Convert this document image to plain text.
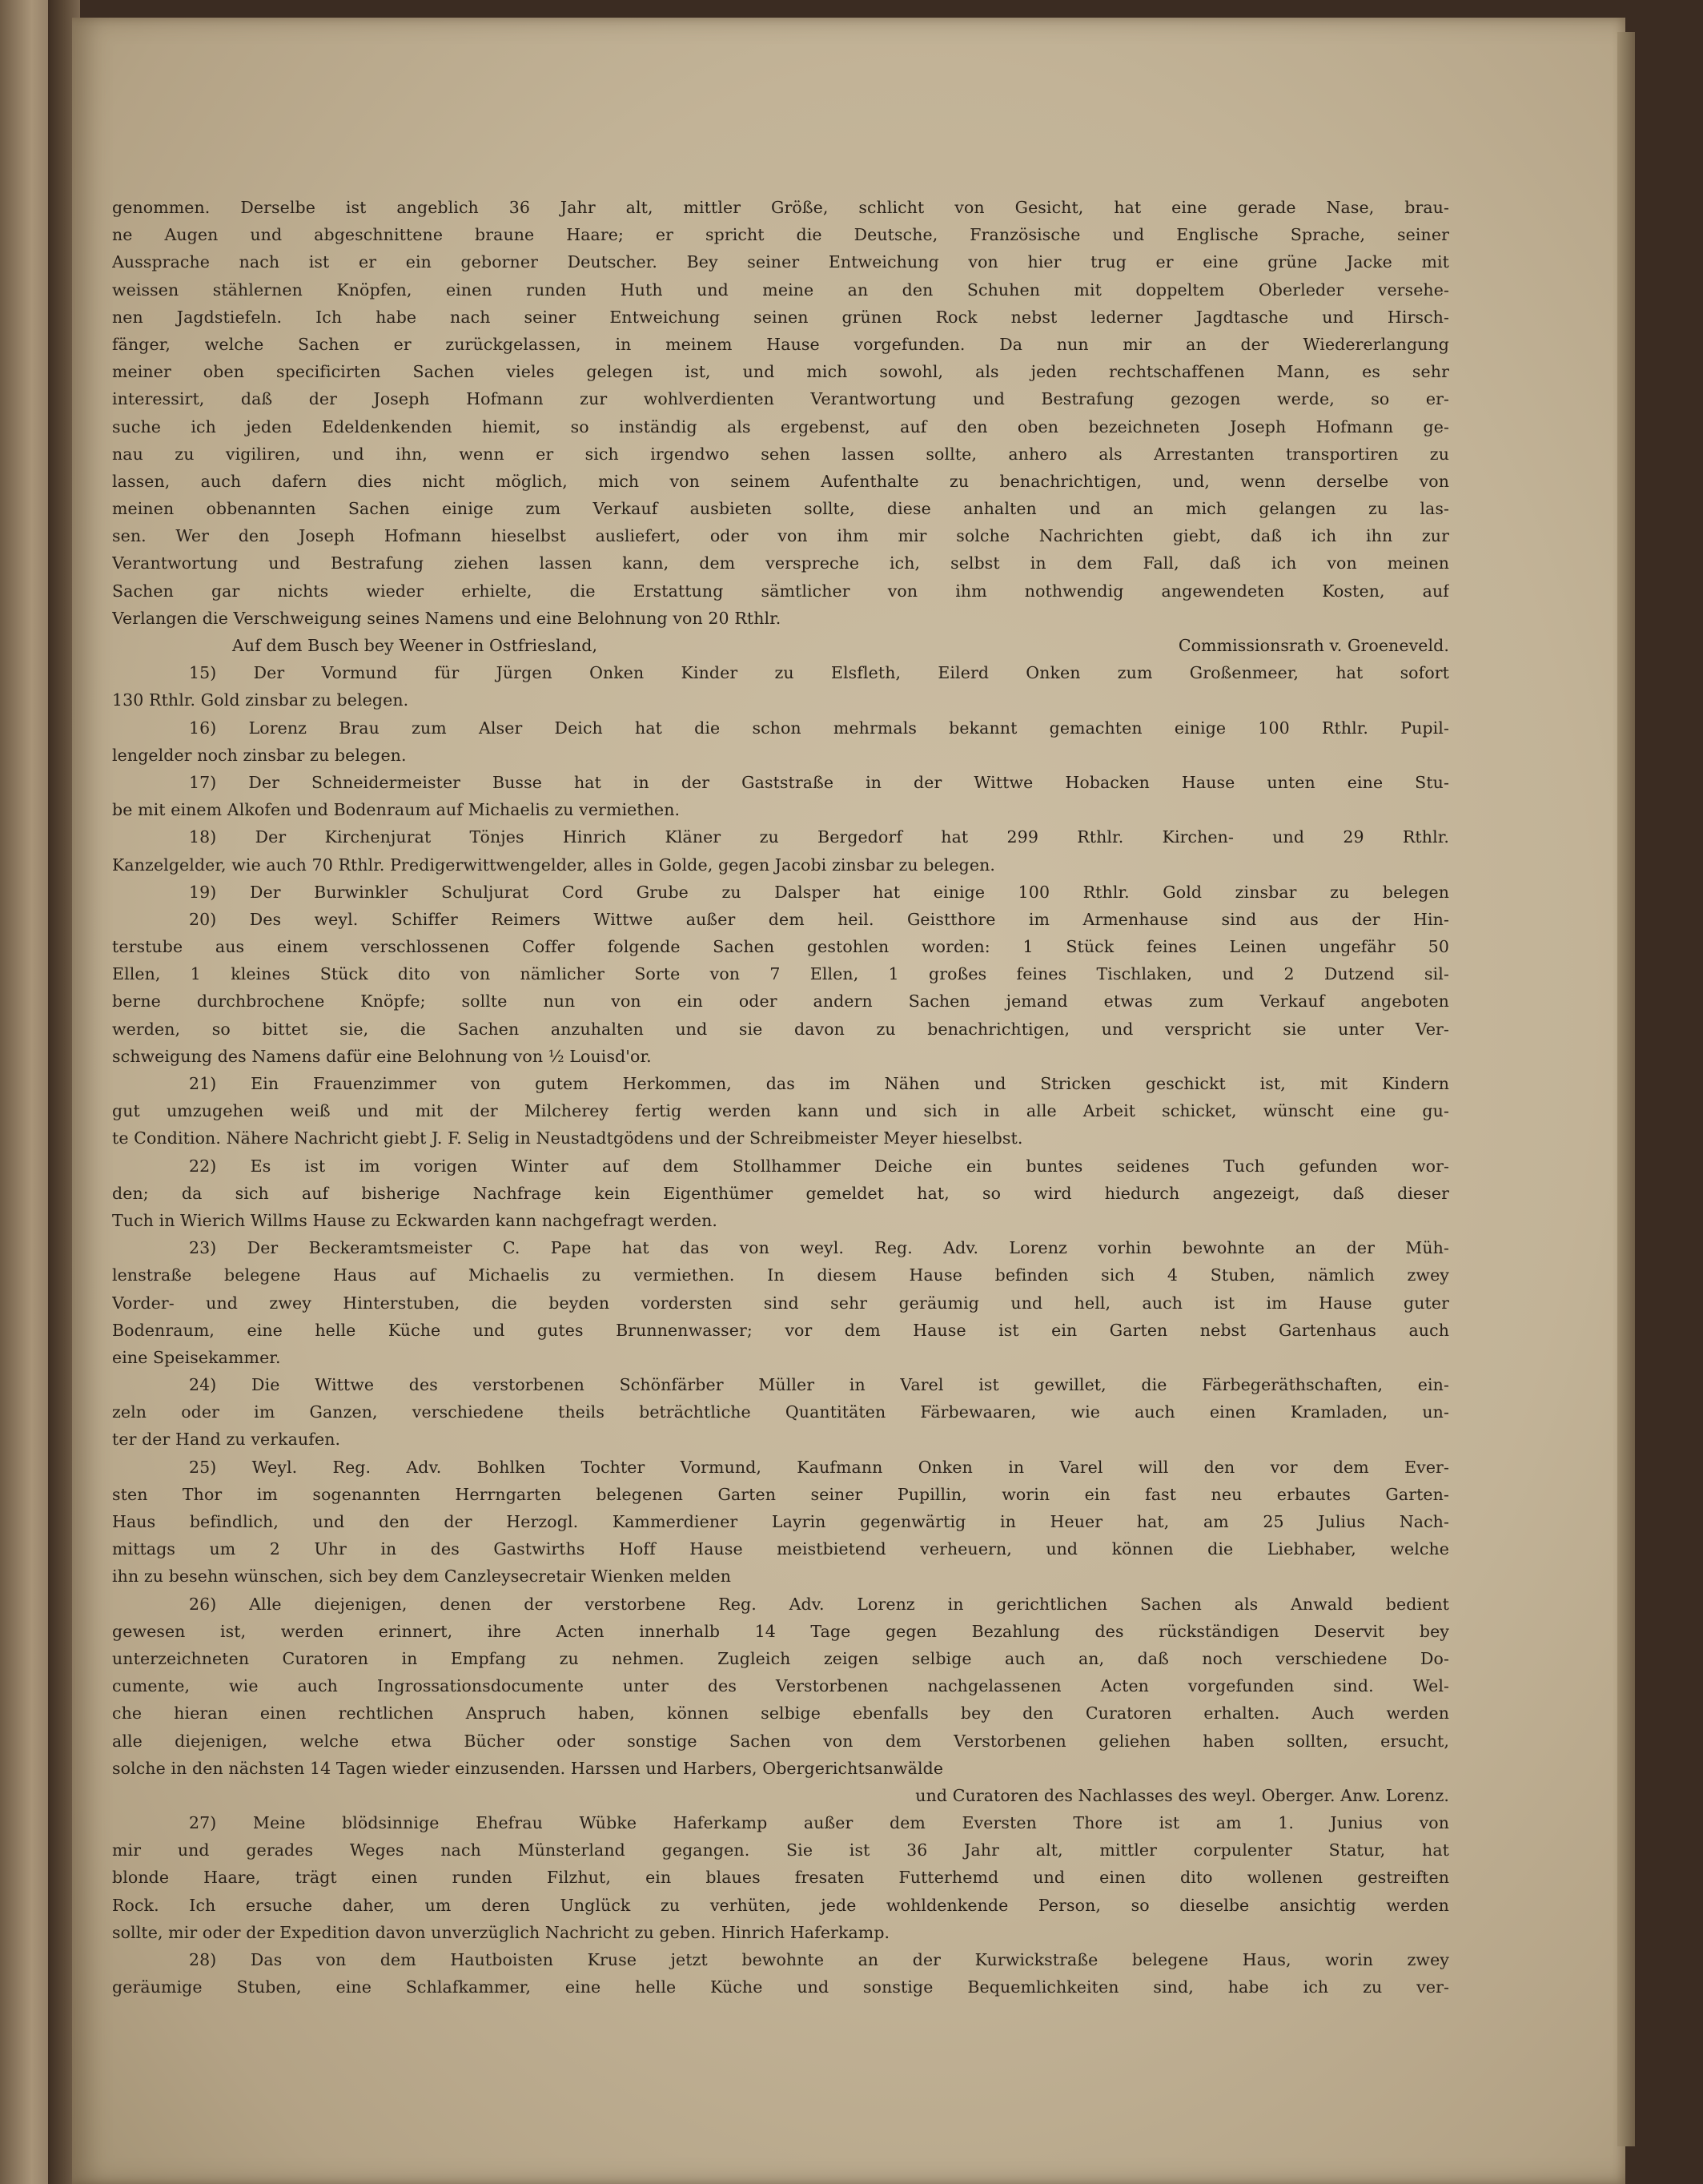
genommen. Derselbe ist angeblich 36 Jahr alt, mittler Größe, schlicht von Gesicht, hat eine gerade Nase, brau-
ne Augen und abgeschnittene braune Haare; er spricht die Deutsche, Französische und Englische Sprache, seiner
Aussprache nach ist er ein geborner Deutscher. Bey seiner Entweichung von hier trug er eine grüne Jacke mit
weissen stählernen Knöpfen, einen runden Huth und meine an den Schuhen mit doppeltem Oberleder versehe-
nen Jagdstiefeln. Ich habe nach seiner Entweichung seinen grünen Rock nebst lederner Jagdtasche und Hirsch-
fänger, welche Sachen er zurückgelassen, in meinem Hause vorgefunden. Da nun mir an der Wiedererlangung
meiner oben specificirten Sachen vieles gelegen ist, und mich sowohl, als jeden rechtschaffenen Mann, es sehr
interessirt, daß der Joseph Hofmann zur wohlverdienten Verantwortung und Bestrafung gezogen werde, so er-
suche ich jeden Edeldenkenden hiemit, so inständig als ergebenst, auf den oben bezeichneten Joseph Hofmann ge-
nau zu vigiliren, und ihn, wenn er sich irgendwo sehen lassen sollte, anhero als Arrestanten transportiren zu
lassen, auch dafern dies nicht möglich, mich von seinem Aufenthalte zu benachrichtigen, und, wenn derselbe von
meinen obbenannten Sachen einige zum Verkauf ausbieten sollte, diese anhalten und an mich gelangen zu las-
sen. Wer den Joseph Hofmann hieselbst ausliefert, oder von ihm mir solche Nachrichten giebt, daß ich ihn zur
Verantwortung und Bestrafung ziehen lassen kann, dem verspreche ich, selbst in dem Fall, daß ich von meinen
Sachen gar nichts wieder erhielte, die Erstattung sämtlicher von ihm nothwendig angewendeten Kosten, auf
Verlangen die Verschweigung seines Namens und eine Belohnung von 20 Rthlr.
Auf dem Busch bey Weener in Ostfriesland,	Commissionsrath v. Groeneveld.
15) Der Vormund für Jürgen Onken Kinder zu Elsfleth, Eilerd Onken zum Großenmeer, hat sofort
130 Rthlr. Gold zinsbar zu belegen.
16) Lorenz Brau zum Alser Deich hat die schon mehrmals bekannt gemachten einige 100 Rthlr. Pupil-
lengelder noch zinsbar zu belegen.
17) Der Schneidermeister Busse hat in der Gaststraße in der Wittwe Hobacken Hause unten eine Stu-
be mit einem Alkofen und Bodenraum auf Michaelis zu vermiethen.
18) Der Kirchenjurat Tönjes Hinrich Kläner zu Bergedorf hat 299 Rthlr. Kirchen- und 29 Rthlr.
Kanzelgelder, wie auch 70 Rthlr. Predigerwittwengelder, alles in Golde, gegen Jacobi zinsbar zu belegen.
19) Der Burwinkler Schuljurat Cord Grube zu Dalsper hat einige 100 Rthlr. Gold zinsbar zu belegen
20) Des weyl. Schiffer Reimers Wittwe außer dem heil. Geistthore im Armenhause sind aus der Hin-
terstube aus einem verschlossenen Coffer folgende Sachen gestohlen worden: 1 Stück feines Leinen ungefähr 50
Ellen, 1 kleines Stück dito von nämlicher Sorte von 7 Ellen, 1 großes feines Tischlaken, und 2 Dutzend sil-
berne durchbrochene Knöpfe; sollte nun von ein oder andern Sachen jemand etwas zum Verkauf angeboten
werden, so bittet sie, die Sachen anzuhalten und sie davon zu benachrichtigen, und verspricht sie unter Ver-
schweigung des Namens dafür eine Belohnung von ½ Louisd'or.
21) Ein Frauenzimmer von gutem Herkommen, das im Nähen und Stricken geschickt ist, mit Kindern
gut umzugehen weiß und mit der Milcherey fertig werden kann und sich in alle Arbeit schicket, wünscht eine gu-
te Condition. Nähere Nachricht giebt J. F. Selig in Neustadtgödens und der Schreibmeister Meyer hieselbst.
22) Es ist im vorigen Winter auf dem Stollhammer Deiche ein buntes seidenes Tuch gefunden wor-
den; da sich auf bisherige Nachfrage kein Eigenthümer gemeldet hat, so wird hiedurch angezeigt, daß dieser
Tuch in Wierich Willms Hause zu Eckwarden kann nachgefragt werden.
23) Der Beckeramtsmeister C. Pape hat das von weyl. Reg. Adv. Lorenz vorhin bewohnte an der Müh-
lenstraße belegene Haus auf Michaelis zu vermiethen. In diesem Hause befinden sich 4 Stuben, nämlich zwey
Vorder- und zwey Hinterstuben, die beyden vordersten sind sehr geräumig und hell, auch ist im Hause guter
Bodenraum, eine helle Küche und gutes Brunnenwasser; vor dem Hause ist ein Garten nebst Gartenhaus auch
eine Speisekammer.
24) Die Wittwe des verstorbenen Schönfärber Müller in Varel ist gewillet, die Färbegeräthschaften, ein-
zeln oder im Ganzen, verschiedene theils beträchtliche Quantitäten Färbewaaren, wie auch einen Kramladen, un-
ter der Hand zu verkaufen.
25) Weyl. Reg. Adv. Bohlken Tochter Vormund, Kaufmann Onken in Varel will den vor dem Ever-
sten Thor im sogenannten Herrngarten belegenen Garten seiner Pupillin, worin ein fast neu erbautes Garten-
Haus befindlich, und den der Herzogl. Kammerdiener Layrin gegenwärtig in Heuer hat, am 25 Julius Nach-
mittags um 2 Uhr in des Gastwirths Hoff Hause meistbietend verheuern, und können die Liebhaber, welche
ihn zu besehn wünschen, sich bey dem Canzleysecretair Wienken melden
26) Alle diejenigen, denen der verstorbene Reg. Adv. Lorenz in gerichtlichen Sachen als Anwald bedient
gewesen ist, werden erinnert, ihre Acten innerhalb 14 Tage gegen Bezahlung des rückständigen Deservit bey
unterzeichneten Curatoren in Empfang zu nehmen. Zugleich zeigen selbige auch an, daß noch verschiedene Do-
cumente, wie auch Ingrossationsdocumente unter des Verstorbenen nachgelassenen Acten vorgefunden sind. Wel-
che hieran einen rechtlichen Anspruch haben, können selbige ebenfalls bey den Curatoren erhalten. Auch werden
alle diejenigen, welche etwa Bücher oder sonstige Sachen von dem Verstorbenen geliehen haben sollten, ersucht,
solche in den nächsten 14 Tagen wieder einzusenden. Harssen und Harbers, Obergerichtsanwälde
und Curatoren des Nachlasses des weyl. Oberger. Anw. Lorenz.
27) Meine blödsinnige Ehefrau Wübke Haferkamp außer dem Eversten Thore ist am 1. Junius von
mir und gerades Weges nach Münsterland gegangen. Sie ist 36 Jahr alt, mittler corpulenter Statur, hat
blonde Haare, trägt einen runden Filzhut, ein blaues fresaten Futterhemd und einen dito wollenen gestreiften
Rock. Ich ersuche daher, um deren Unglück zu verhüten, jede wohldenkende Person, so dieselbe ansichtig werden
sollte, mir oder der Expedition davon unverzüglich Nachricht zu geben. Hinrich Haferkamp.
28) Das von dem Hautboisten Kruse jetzt bewohnte an der Kurwickstraße belegene Haus, worin zwey
geräumige Stuben, eine Schlafkammer, eine helle Küche und sonstige Bequemlichkeiten sind, habe ich zu ver-
